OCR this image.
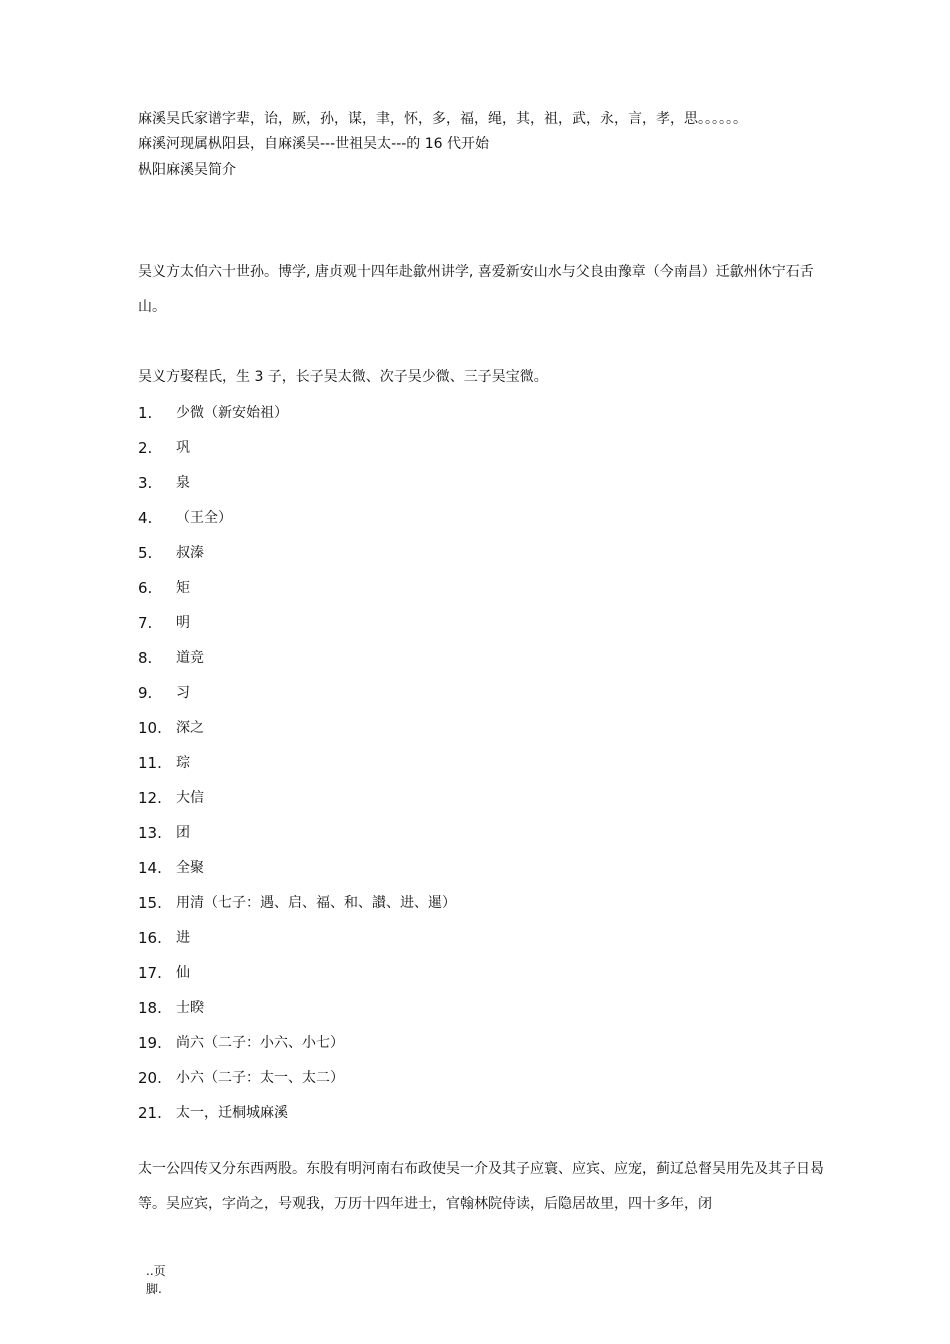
麻溪吴氏家谱字辈，诒，厥，孙，谋，聿，怀，多，福，绳，其，祖，武，永，言，孝，思。。。。。。
麻溪河现属枞阳县，自麻溪吴---世祖吴太---的 16 代开始
枞阳麻溪吴简介
吴义方太伯六十世孙。博学, 唐贞观十四年赴歙州讲学, 喜爱新安山水与父良由豫章（今南昌）迁歙州休宁石舌山。
吴义方娶程氏，生 3 子，长子吴太微、次子吴少微、三子吴宝微。
1.	少微（新安始祖）
2.	巩
3.	泉
4.	（王全）
5.	叔溱
6.	矩
7.	明
8.	道竞
9.	习
10.	深之
11.	琮
12.	大信
13.	团
14.	全聚
15.	用清（七子：遇、启、福、和、讃、进、暹）
16.	进
17.	仙
18.	士睽
19.	尚六（二子：小六、小七）
20.	小六（二子：太一、太二）
21.	太一，迁桐城麻溪
太一公四传又分东西两股。东股有明河南右布政使吴一介及其子应寰、应宾、应宠，蓟辽总督吴用先及其子日曷等。吴应宾，字尚之，号观我，万历十四年进士，官翰林院侍读，后隐居故里，四十多年，闭
..页
脚.
